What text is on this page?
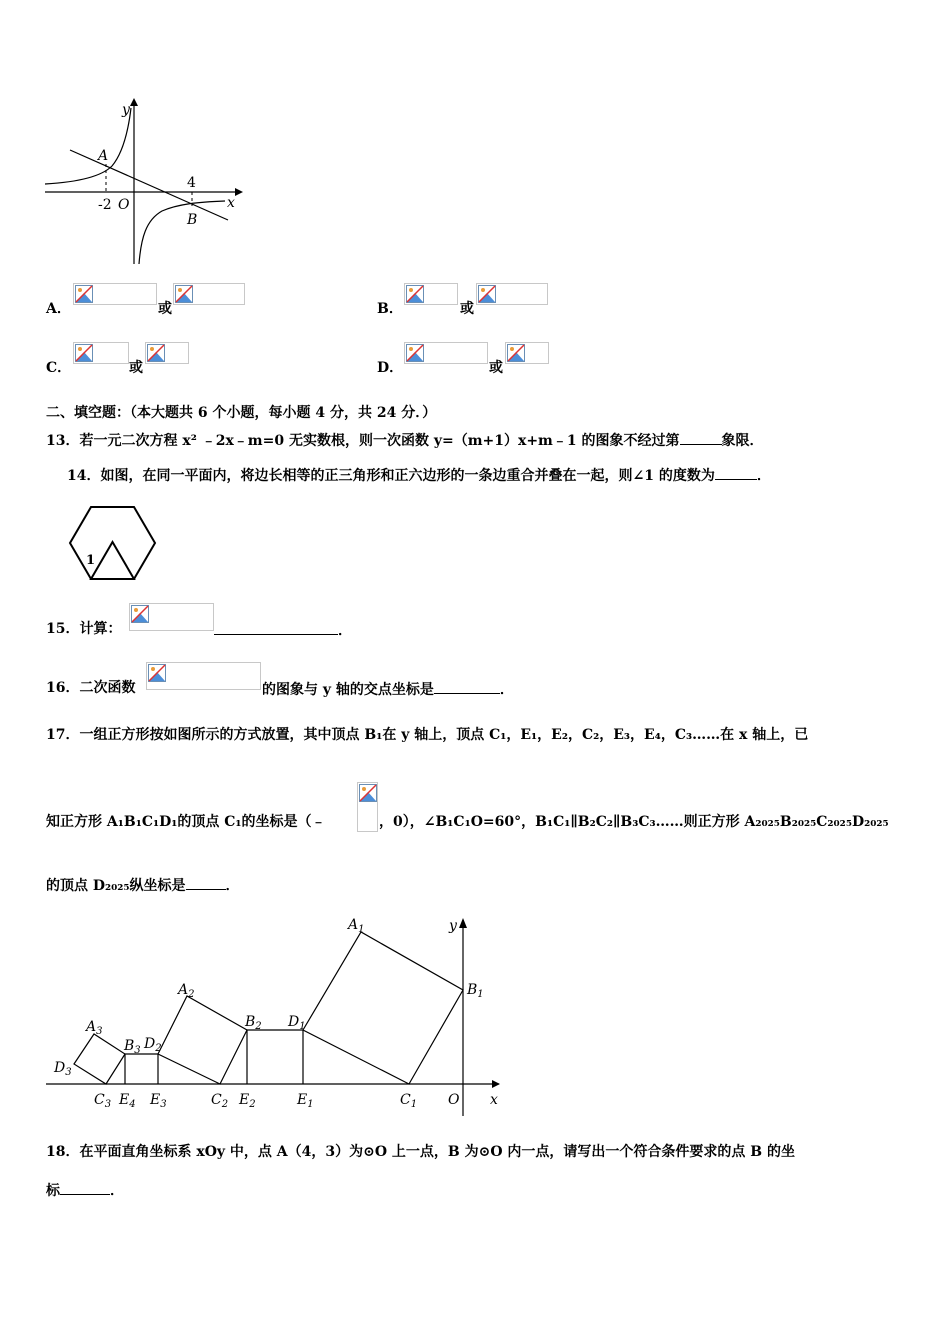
y
x
A
B
-2 O
4
A．	或	B．	或
C．	或	D．	或
二、填空题：（本大题共 6 个小题，每小题 4 分，共 24 分．）
13．若一元二次方程 x² ﹣2x﹣m=0 无实数根，则一次函数 y=（m+1）x+m﹣1 的图象不经过第	象限．
14．如图，在同一平面内，将边长相等的正三角形和正六边形的一条边重合并叠在一起，则∠1 的度数为	．
1
15．计算：	．
16．二次函数	的图象与 y 轴的交点坐标是	．
17．一组正方形按如图所示的方式放置，其中顶点 B₁在 y 轴上，顶点 C₁，E₁，E₂，C₂，E₃，E₄，C₃……在 x 轴上，已
知正方形 A₁B₁C₁D₁的顶点 C₁的坐标是（﹣	，0），∠B₁C₁O=60°，B₁C₁∥B₂C₂∥B₃C₃……则正方形 A₂₀₂₅B₂₀₂₅C₂₀₂₅D₂₀₂₅
的顶点 D₂₀₂₅纵坐标是	．
$A_1$
$B_1$
$A_2$
$B_2$ $D_1$
$A_3$
$B_3$ $D_2$
$D_3$
$C_3$ $E_4$ $E_3$	$C_2$ $E_2$	$E_1$	$C_1$ O x
y
18．在平面直角坐标系 xOy 中，点 A（4，3）为⊙O 上一点，B 为⊙O 内一点，请写出一个符合条件要求的点 B 的坐
标	．
